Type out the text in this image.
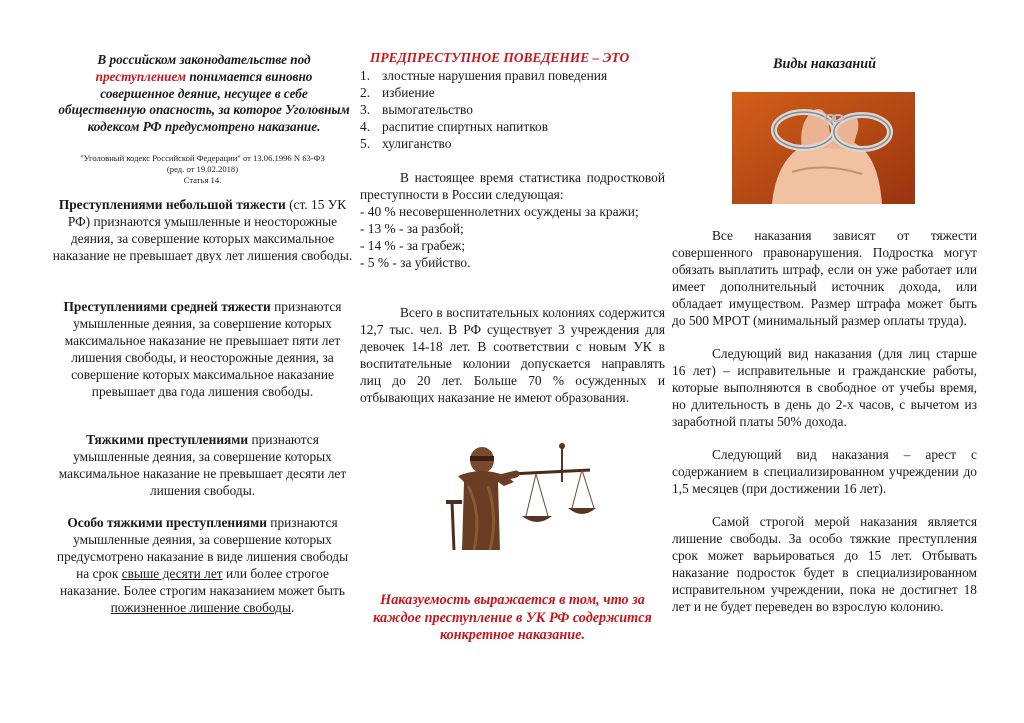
В российском законодательстве под преступлением понимается виновно совершенное деяние, несущее в себе общественную опасность, за которое Уголовным кодексом РФ предусмотрено наказание.

"Уголовный кодекс Российской Федерации" от 13.06.1996 N 63-ФЗ
(ред. от 19.02.2018)
Статья 14.

Преступлениями небольшой тяжести (ст. 15 УК РФ) признаются умышленные и неосторожные деяния, за совершение которых максимальное наказание не превышает двух лет лишения свободы.

Преступлениями средней тяжести признаются умышленные деяния, за совершение которых максимальное наказание не превышает пяти лет лишения свободы, и неосторожные деяния, за совершение которых максимальное наказание превышает два года лишения свободы.

Тяжкими преступлениями признаются умышленные деяния, за совершение которых максимальное наказание не превышает десяти лет лишения свободы.

Особо тяжкими преступлениями признаются умышленные деяния, за совершение которых предусмотрено наказание в виде лишения свободы на срок свыше десяти лет или более строгое наказание. Более строгим наказанием может быть пожизненное лишение свободы.

ПРЕДПРЕСТУПНОЕ ПОВЕДЕНИЕ – ЭТО
1. злостные нарушения правил поведения
2. избиение
3. вымогательство
4. распитие спиртных напитков
5. хулиганство

В настоящее время статистика подростковой преступности в России следующая:

- 40 % несовершеннолетних осуждены за кражи;

- 13 % - за разбой;

- 14 % - за грабеж;

- 5 % - за убийство.

Всего в воспитательных колониях содержится 12,7 тыс. чел. В РФ существует 3 учреждения для девочек 14-18 лет. В соответствии с новым УК в воспитательные колонии допускается направлять лиц до 20 лет. Больше 70 % осужденных и отбывающих наказание не имеют образования.

Наказуемость выражается в том, что за каждое преступление в УК РФ содержится конкретное наказание.

Виды наказаний

Все наказания зависят от тяжести совершенного правонарушения. Подростка могут обязать выплатить штраф, если он уже работает или имеет дополнительный источник дохода, или обладает имуществом. Размер штрафа может быть до 500 МРОТ (минимальный размер оплаты труда).

Следующий вид наказания (для лиц старше 16 лет) – исправительные и гражданские работы, которые выполняются в свободное от учебы время, но длительность в день до 2-х часов, с вычетом из заработной платы 50% дохода.

Следующий вид наказания – арест с содержанием в специализированном учреждении до 1,5 месяцев (при достижении 16 лет).

Самой строгой мерой наказания является лишение свободы. За особо тяжкие преступления срок может варьироваться до 15 лет. Отбывать наказание подросток будет в специализированном исправительном учреждении, пока не достигнет 18 лет и не будет переведен во взрослую колонию.
